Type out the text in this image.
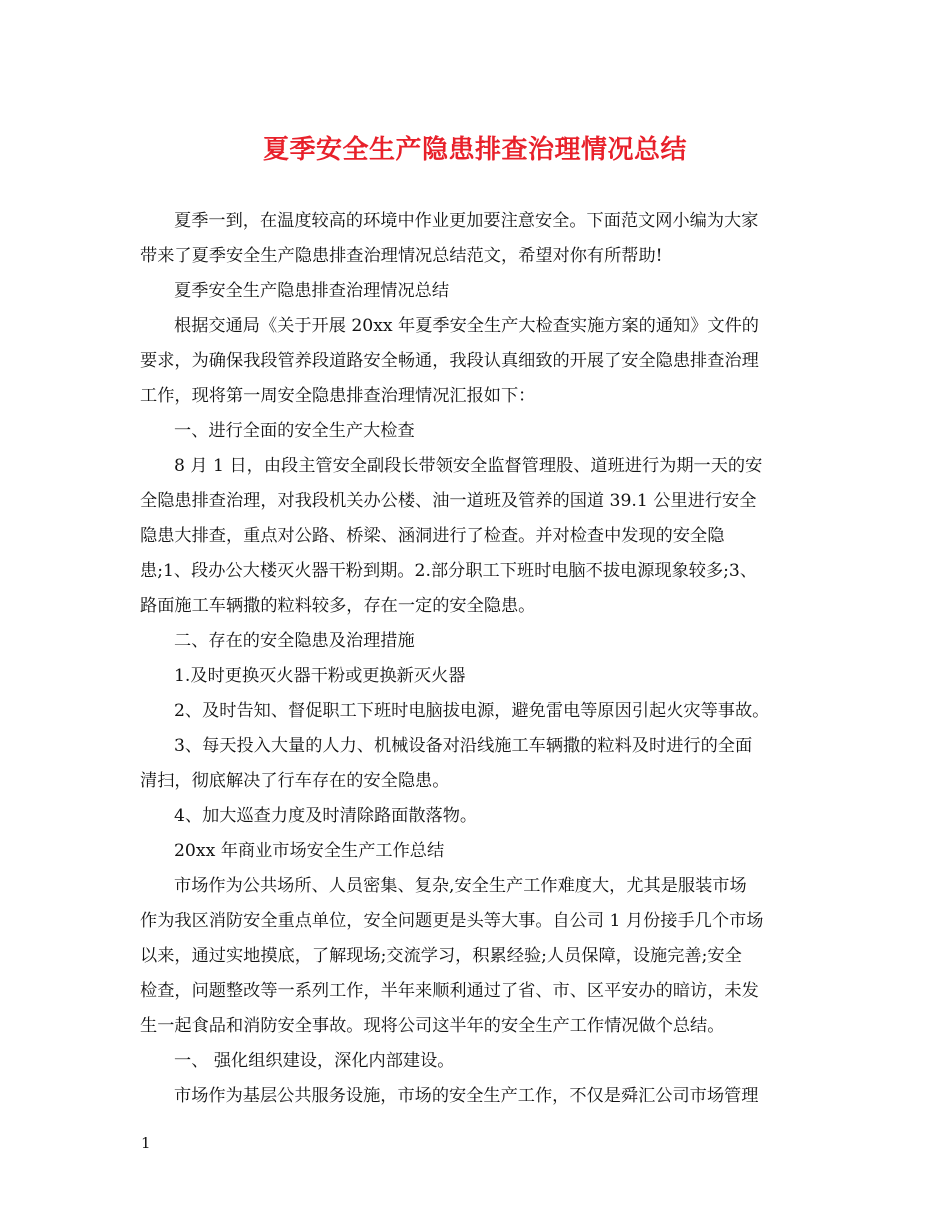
夏季安全生产隐患排查治理情况总结

夏季一到，在温度较高的环境中作业更加要注意安全。下面范文网小编为大家

带来了夏季安全生产隐患排查治理情况总结范文，希望对你有所帮助!

夏季安全生产隐患排查治理情况总结

根据交通局《关于开展 20xx 年夏季安全生产大检查实施方案的通知》文件的

要求，为确保我段管养段道路安全畅通，我段认真细致的开展了安全隐患排查治理

工作，现将第一周安全隐患排查治理情况汇报如下：

一、进行全面的安全生产大检查

8 月 1 日，由段主管安全副段长带领安全监督管理股、道班进行为期一天的安

全隐患排查治理，对我段机关办公楼、油一道班及管养的国道 39.1 公里进行安全

隐患大排查，重点对公路、桥梁、涵洞进行了检查。并对检查中发现的安全隐

患;1、段办公大楼灭火器干粉到期。2.部分职工下班时电脑不拔电源现象较多;3、

路面施工车辆撒的粒料较多，存在一定的安全隐患。

二、存在的安全隐患及治理措施

1.及时更换灭火器干粉或更换新灭火器

2、及时告知、督促职工下班时电脑拔电源，避免雷电等原因引起火灾等事故。

3、每天投入大量的人力、机械设备对沿线施工车辆撒的粒料及时进行的全面

清扫，彻底解决了行车存在的安全隐患。

4、加大巡查力度及时清除路面散落物。

20xx 年商业市场安全生产工作总结

市场作为公共场所、人员密集、复杂,安全生产工作难度大，尤其是服装市场

作为我区消防安全重点单位，安全问题更是头等大事。自公司 1 月份接手几个市场

以来，通过实地摸底，了解现场;交流学习，积累经验;人员保障，设施完善;安全

检查，问题整改等一系列工作，半年来顺利通过了省、市、区平安办的暗访，未发

生一起食品和消防安全事故。现将公司这半年的安全生产工作情况做个总结。

一、 强化组织建设，深化内部建设。

市场作为基层公共服务设施，市场的安全生产工作，不仅是舜汇公司市场管理

1
